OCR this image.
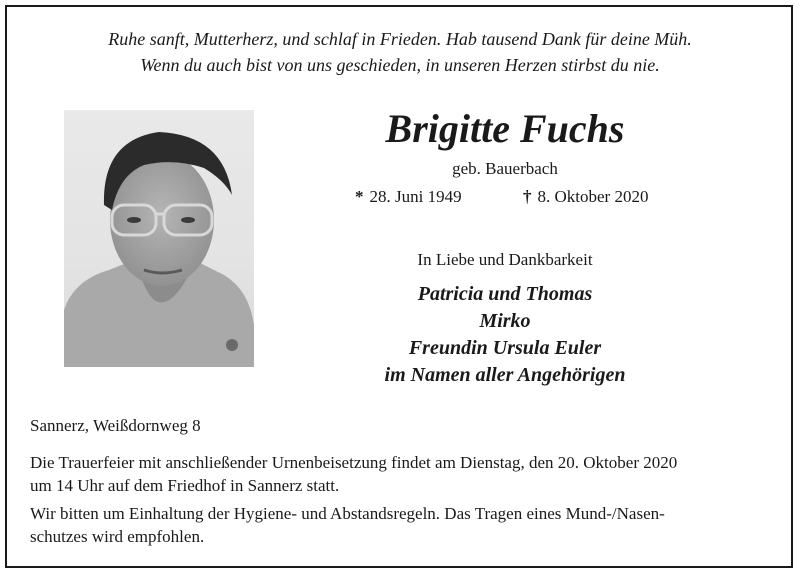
Ruhe sanft, Mutterherz, und schlaf in Frieden. Hab tausend Dank für deine Müh.
Wenn du auch bist von uns geschieden, in unseren Herzen stirbst du nie.
Brigitte Fuchs
geb. Bauerbach
* 28. Juni 1949	† 8. Oktober 2020
In Liebe und Dankbarkeit
Patricia und Thomas
Mirko
Freundin Ursula Euler
im Namen aller Angehörigen
Sannerz, Weißdornweg 8
Die Trauerfeier mit anschließender Urnenbeisetzung findet am Dienstag, den 20. Oktober 2020
um 14 Uhr auf dem Friedhof in Sannerz statt.
Wir bitten um Einhaltung der Hygiene- und Abstandsregeln. Das Tragen eines Mund-/Nasen-
schutzes wird empfohlen.
